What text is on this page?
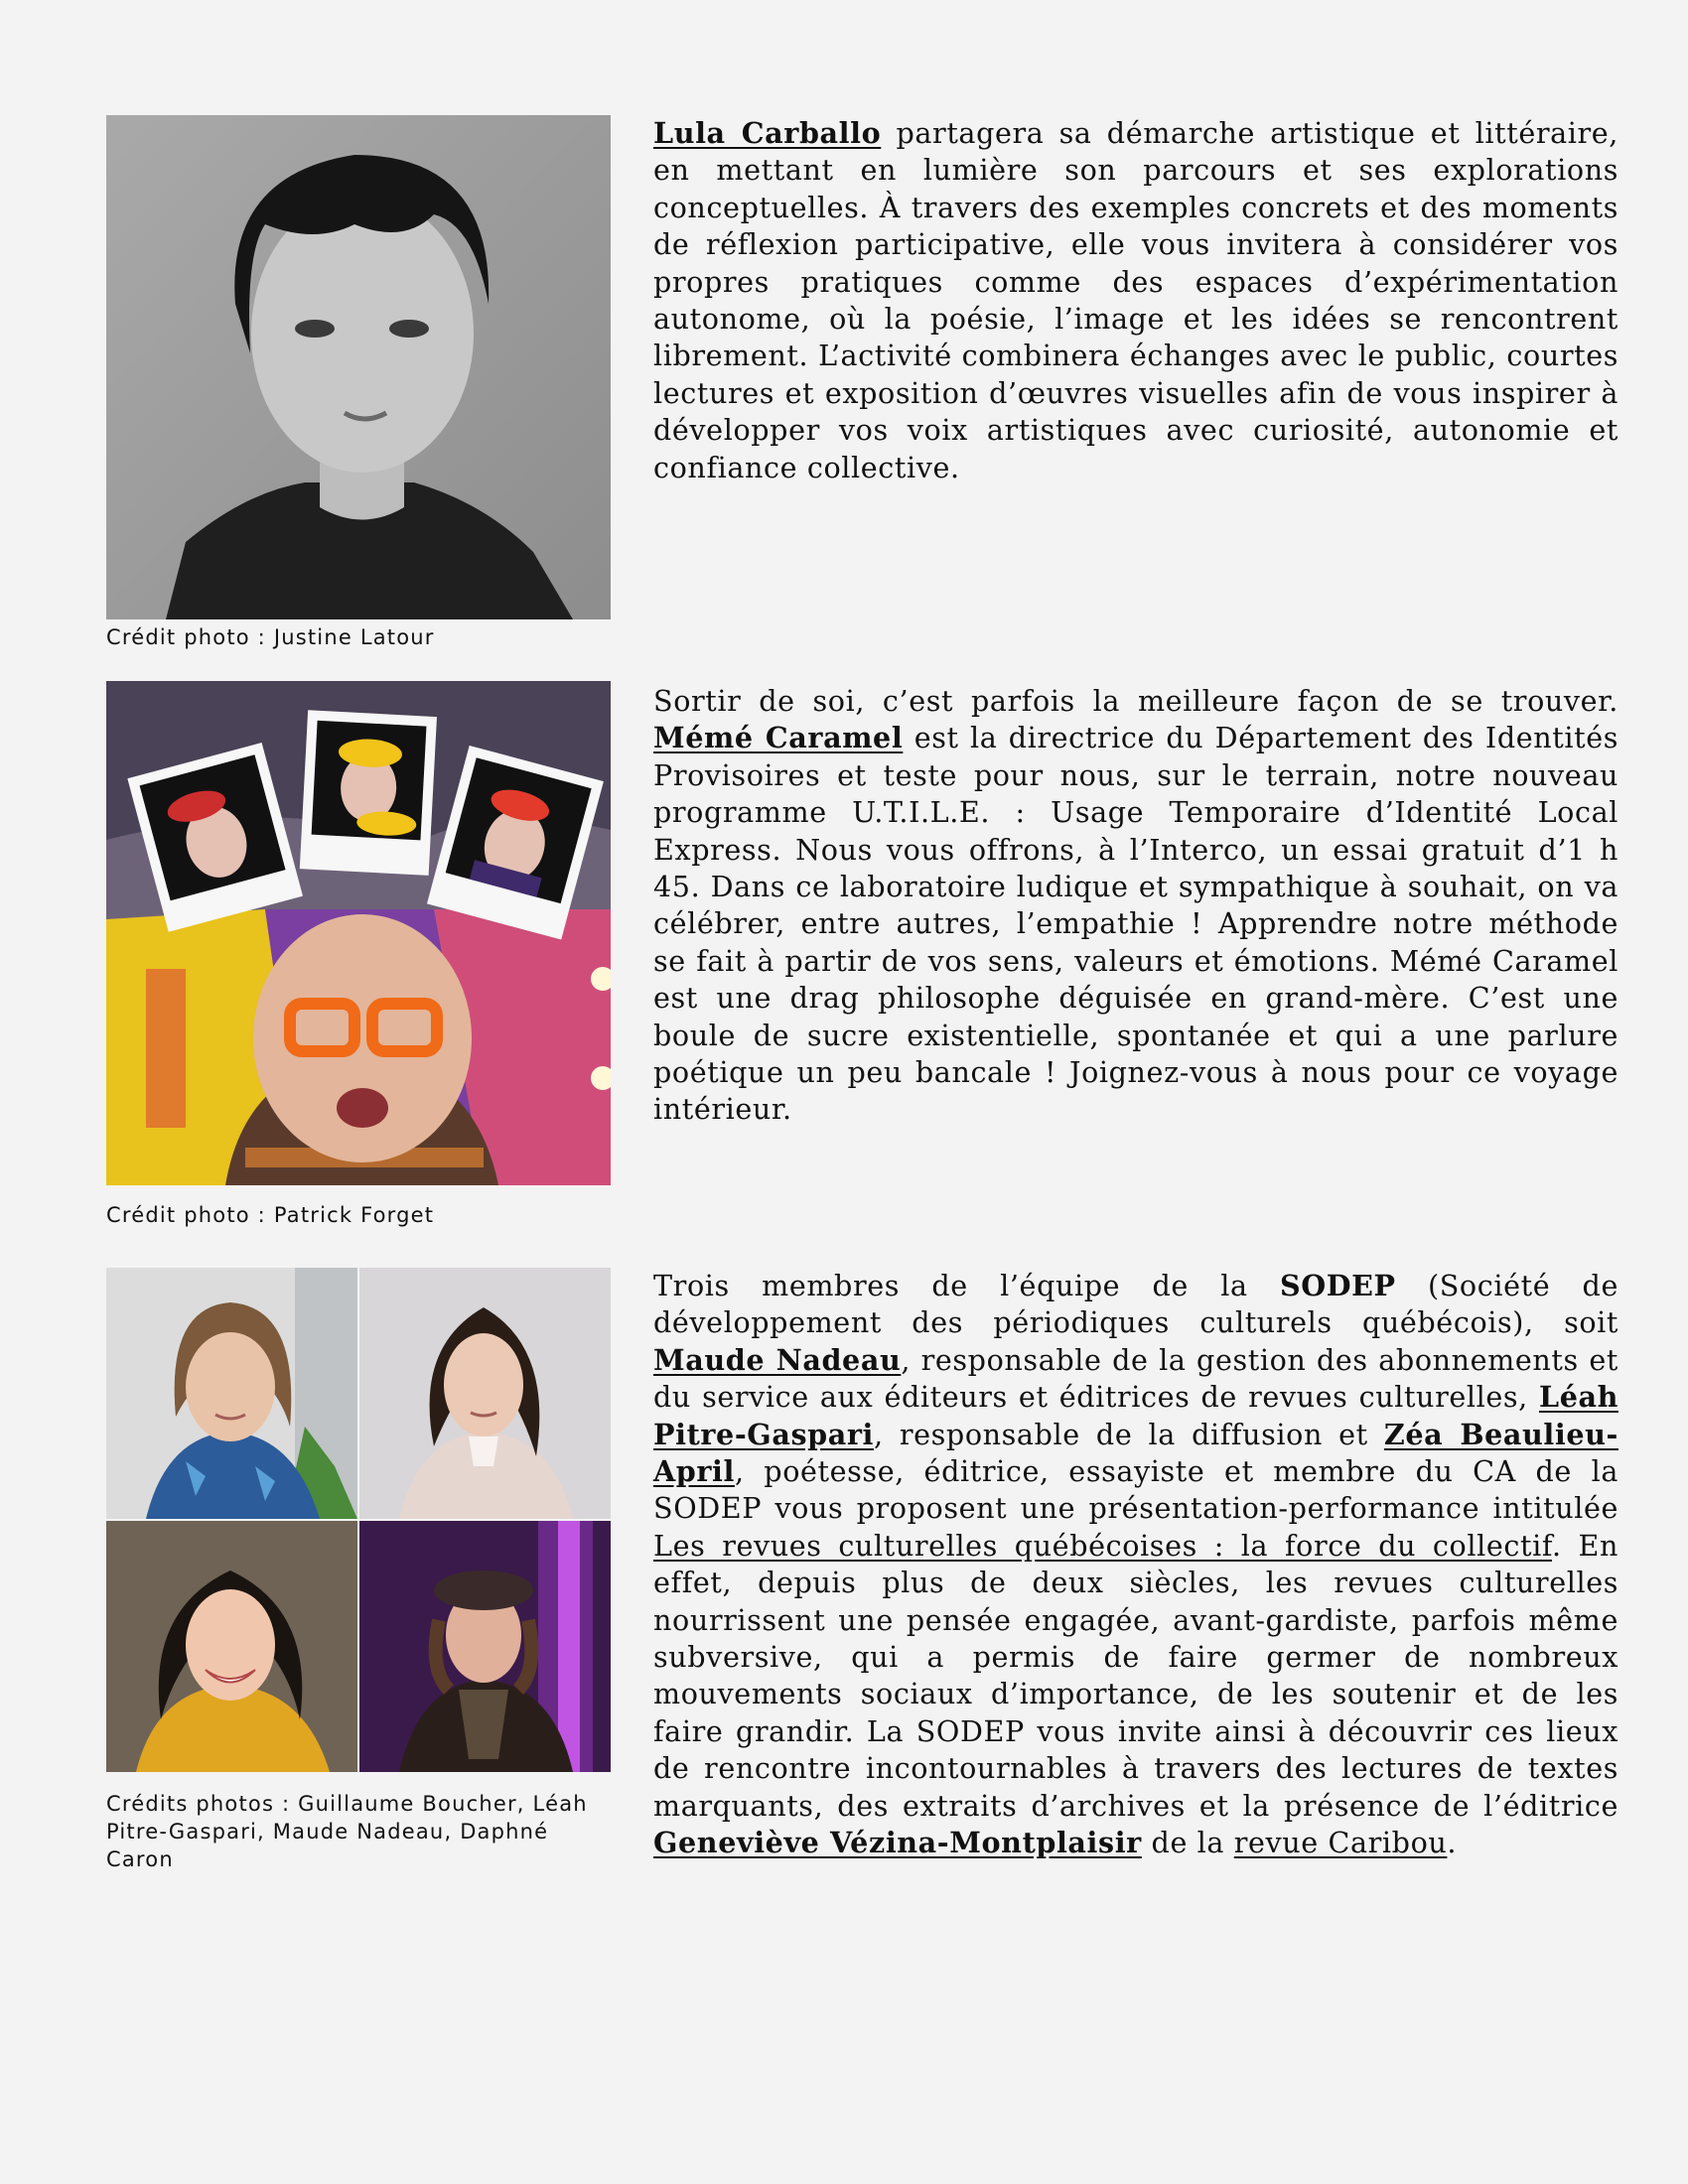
Crédit photo : Justine Latour

Lula Carballo partagera sa démarche artistique et littéraire, en mettant en lumière son parcours et ses explorations conceptuelles. À travers des exemples concrets et des moments de réflexion participative, elle vous invitera à considérer vos propres pratiques comme des espaces d’expérimentation autonome, où la poésie, l’image et les idées se rencontrent librement. L’activité combinera échanges avec le public, courtes lectures et exposition d’œuvres visuelles afin de vous inspirer à développer vos voix artistiques avec curiosité, autonomie et confiance collective.

Crédit photo : Patrick Forget

Sortir de soi, c’est parfois la meilleure façon de se trouver. Mémé Caramel est la directrice du Département des Identités Provisoires et teste pour nous, sur le terrain, notre nouveau programme U.T.I.L.E. : Usage Temporaire d’Identité Local Express. Nous vous offrons, à l’Interco, un essai gratuit d’1 h 45. Dans ce laboratoire ludique et sympathique à souhait, on va célébrer, entre autres, l’empathie ! Apprendre notre méthode se fait à partir de vos sens, valeurs et émotions. Mémé Caramel est une drag philosophe déguisée en grand-mère. C’est une boule de sucre existentielle, spontanée et qui a une parlure poétique un peu bancale ! Joignez-vous à nous pour ce voyage intérieur.

Crédits photos : Guillaume Boucher, Léah Pitre-Gaspari, Maude Nadeau, Daphné Caron

Trois membres de l’équipe de la SODEP (Société de développement des périodiques culturels québécois), soit Maude Nadeau, responsable de la gestion des abonnements et du service aux éditeurs et éditrices de revues culturelles, Léah Pitre-Gaspari, responsable de la diffusion et Zéa Beaulieu-April, poétesse, éditrice, essayiste et membre du CA de la SODEP vous proposent une présentation-performance intitulée Les revues culturelles québécoises : la force du collectif. En effet, depuis plus de deux siècles, les revues culturelles nourrissent une pensée engagée, avant-gardiste, parfois même subversive, qui a permis de faire germer de nombreux mouvements sociaux d’importance, de les soutenir et de les faire grandir. La SODEP vous invite ainsi à découvrir ces lieux de rencontre incontournables à travers des lectures de textes marquants, des extraits d’archives et la présence de l’éditrice Geneviève Vézina-Montplaisir de la revue Caribou.
